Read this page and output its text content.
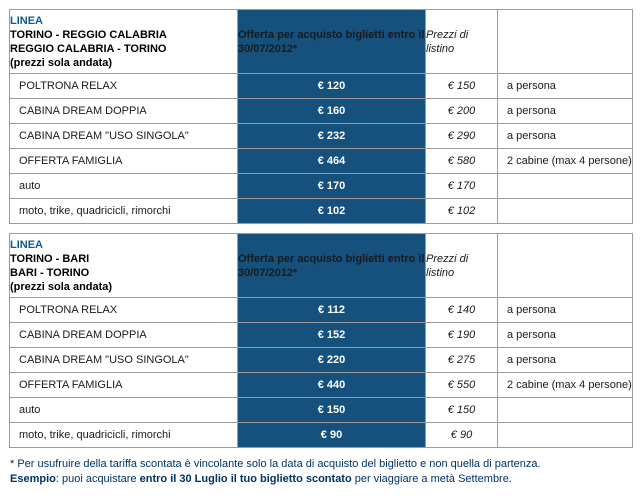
LINEA
TORINO - REGGIO CALABRIA
REGGIO CALABRIA - TORINO
(prezzi sola andata)	Offerta per acquisto biglietti entro il 30/07/2012*	Prezzi di listino	
POLTRONA RELAX	€ 120	€ 150	a persona
CABINA DREAM DOPPIA	€ 160	€ 200	a persona
CABINA DREAM "USO SINGOLA"	€ 232	€ 290	a persona
OFFERTA FAMIGLIA	€ 464	€ 580	2 cabine (max 4 persone)
auto	€ 170	€ 170	
moto, trike, quadricicli, rimorchi	€ 102	€ 102	
LINEA
TORINO - BARI
BARI - TORINO
(prezzi sola andata)	Offerta per acquisto biglietti entro il 30/07/2012*	Prezzi di listino	
POLTRONA RELAX	€ 112	€ 140	a persona
CABINA DREAM DOPPIA	€ 152	€ 190	a persona
CABINA DREAM "USO SINGOLA"	€ 220	€ 275	a persona
OFFERTA FAMIGLIA	€ 440	€ 550	2 cabine (max 4 persone)
auto	€ 150	€ 150	
moto, trike, quadricicli, rimorchi	€ 90	€ 90	

* Per usufruire della tariffa scontata è vincolante solo la data di acquisto del biglietto e non quella di partenza.

Esempio: puoi acquistare entro il 30 Luglio il tuo biglietto scontato per viaggiare a metà Settembre.
